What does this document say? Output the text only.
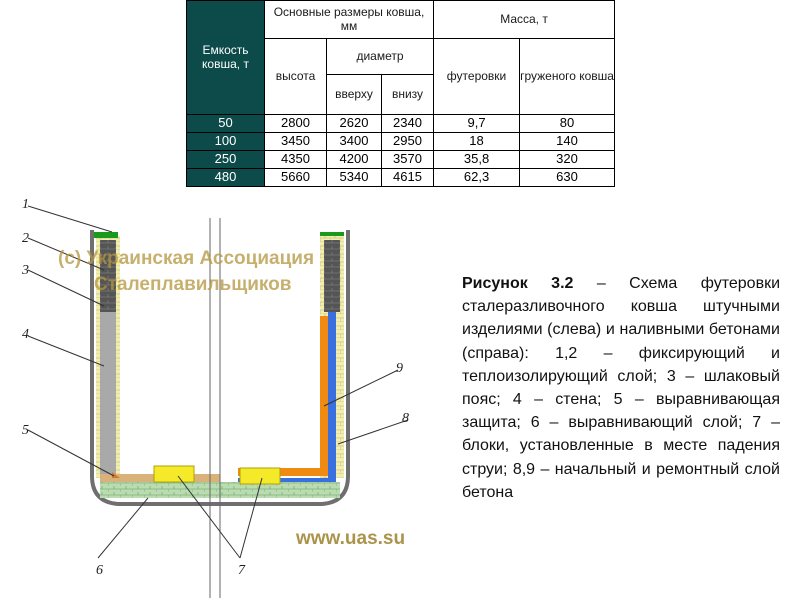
Емкость ковша, т	Основные размеры ковша, мм			Масса, т	
	высота	диаметр		футеровки	груженого ковша
		вверху	внизу		
50	2800	2620	2340	9,7	80
100	3450	3400	2950	18	140
250	4350	4200	3570	35,8	320
480	5660	5340	4615	62,3	630
1
2
3
4
5
6	7
8
9
(c) Украинская Ассоциация
Сталеплавильщиков
www.uas.su
Рисунок 3.2 – Схема футеровки сталеразливочного ковша штучными изделиями (слева) и наливными бетонами (справа): 1,2 – фиксирующий и теплоизолирующий слой; 3 – шлаковый пояс; 4 – стена; 5 – выравнивающая защита; 6 – выравнивающий слой; 7 – блоки, установленные в месте падения струи; 8,9 – начальный и ремонтный слой бетона
